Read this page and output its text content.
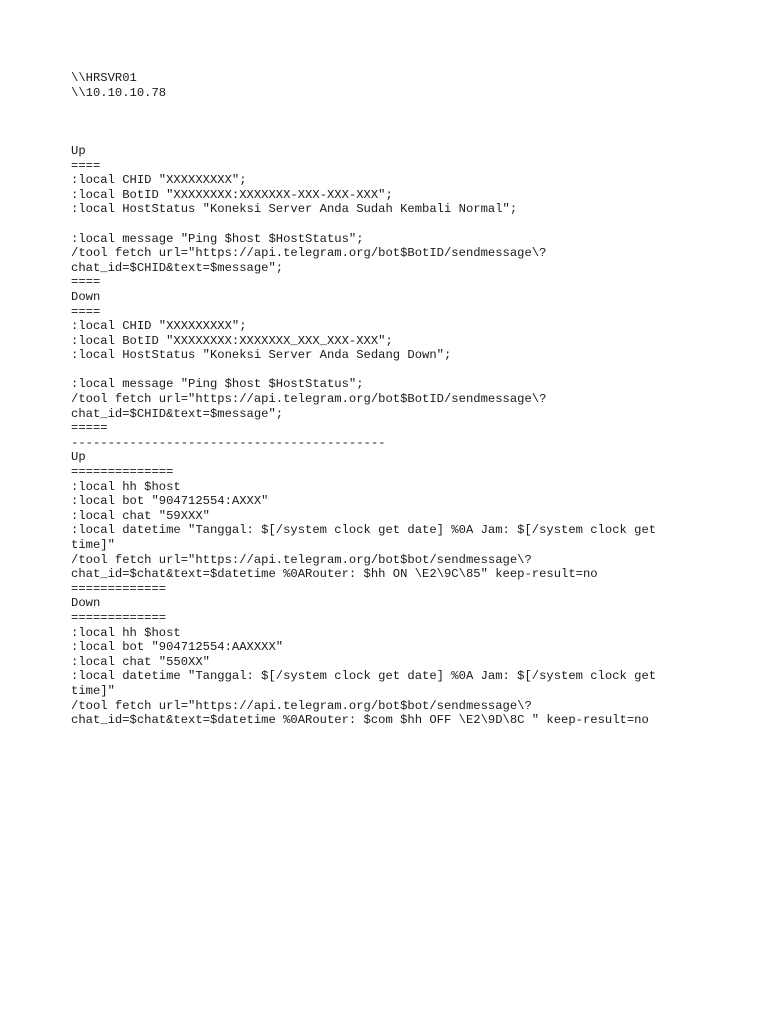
\\HRSVR01
\\10.10.10.78
Up
====
:local CHID "XXXXXXXXX";
:local BotID "XXXXXXXX:XXXXXXX-XXX-XXX-XXX";
:local HostStatus "Koneksi Server Anda Sudah Kembali Normal";
:local message "Ping $host $HostStatus";
/tool fetch url="https://api.telegram.org/bot$BotID/sendmessage\?
chat_id=$CHID&text=$message";
====
Down
====
:local CHID "XXXXXXXXX";
:local BotID "XXXXXXXX:XXXXXXX_XXX_XXX-XXX";
:local HostStatus "Koneksi Server Anda Sedang Down";
:local message "Ping $host $HostStatus";
/tool fetch url="https://api.telegram.org/bot$BotID/sendmessage\?
chat_id=$CHID&text=$message";
=====
-------------------------------------------
Up
==============
:local hh $host
:local bot "904712554:AXXX"
:local chat "59XXX"
:local datetime "Tanggal: $[/system clock get date] %0A Jam: $[/system clock get
time]"
/tool fetch url="https://api.telegram.org/bot$bot/sendmessage\?
chat_id=$chat&text=$datetime %0ARouter: $hh ON \E2\9C\85" keep-result=no
=============
Down
=============
:local hh $host
:local bot "904712554:AAXXXX"
:local chat "550XX"
:local datetime "Tanggal: $[/system clock get date] %0A Jam: $[/system clock get
time]"
/tool fetch url="https://api.telegram.org/bot$bot/sendmessage\?
chat_id=$chat&text=$datetime %0ARouter: $com $hh OFF \E2\9D\8C " keep-result=no
